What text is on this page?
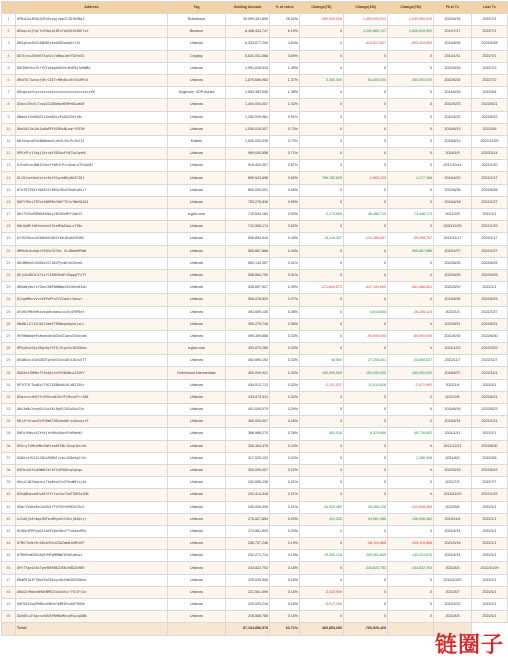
	Address	Tag	Holding Amount	% of coins	Change(7D)	Change(1M)	Change(7M)	First Tx	Last Tx
1	DPDuEAs3RGQ2HFvDzhgjxmpZCZDfbSBgZ	Robinhood	35,099,331,809	28.52%	-490,000,006	-1,550,000,013	-1,949,999,915	2022/6/16	2022/7/1
2	DEbqxvGjFgCthFBqLAtBEsTAQSKtb36ETsX	Binance	8,498,434,747	6.19%	0	1,209,884,127	1,629,519,992	2019/7/17	2022/7/1
3	DRSqEamJKSGZWHBTwkek8DSweqUcYJk	Unknow	6,333,677,204	4.63%	0	-413,817,637	-693,419,969	2019/6/24	2022/4/28
4	DDTkjnuZ5kRKT5qh2c7dNbpJmhY3AYeGG	Cryptoy	5,631,001,568	3.69%	0	0	0	2014/1/11	2022/7/1
5	DDCR8hShoThrYUTpSmge8k5SrWtR5gTpRWBe	Unknow	1,991,616,533	1.45%	0	0	0	2022/6/16	2022/7/2
6	DMuFDCTwozpj9KrCEETrNMxBxzKtVUiMPz4	Unknow	1,875,666,963	1.37%	5,000,000	60,000,000	260,000,000	2022/6/24	2022/7/2
7	DDngeyarhyxxxxxxxxxxxxxxxxxxxxxxxxxxYW	Dogecoin: XDP-buried	1,654,383,558	1.38%	0	0	0	2014/6/16	2022/6/4
8	DGmcv39nELTcsgZCUD8eWzHEHPe8GwdU8	Unknow	1,400,000,007	1.02%	0	0	0	2022/5/23	2022/6/21
9	DNmuh1YnNGQE21Qs8Q5LcPuKUZSh5j8n	Unknow	1,250,009,981	0.91%	0	0	0	2022/4/22	2022/6/22
10	D6eXAS7eLNsJwNqPEP4ZN9xNLaqrYFDZW	Unknow	1,050,010,007	0.73%	0	0	0	2015/6/13	2022/5/8
11	D8ithgcmFUk8bNmxwXjdhXL4SLPc3kS1S	Kraken	1,000,000,039	0.73%	0	0	0	2015/6/13	2022/12/20
12	DPEzPFs1YAgj2ArcbYXD5hxPiNTSoSgeHL	Unknow	989,000,856	0.71%	0	0	0	2018/1/9	2022/3/14
13	DJVsRsvnZW642Gmv7tWRJrPirAkqhzCEUGaDH	Unknow	915,400,007	0.67%	0	0	0	2017/10/14	2022/1/20
14	DLCDJvnh6aGstar8z1E2pzbNEy6b3C361	Unknow	895,543,898	0.65%	798,782,825	-2,960,123	4,177,488	2019/4/22	2022/1/17
15	DTnYRTS9AYrWZ8X1Y8RGz3KxG3hdhvDAjY	Unknow	800,000,001	0.58%	0	0	0	2022/6/26	2022/6/26
16	D8FV7RoiZTRVzS8NPBn3H67TU1nYNbHQS84	Unknow	753,276,836	0.55%	0	0	0	2015/6/18	2022/1/27
17	D6tTYGVwMZM6UHvWXy2BSUKeMtF2mbfX	crypto.com	719,634,184	0.53%	2,173,565	45,450,710	73,448,173	2021/2/9	2022/1/1
18	D6LKpBFJeBfmnGenC5ieMXpEApLsYTNz	Unknow	712,965,174	0.52%	0	0	0	2020/12/25	2022/1/29
19	DJfU29ueuGGkBb6Xn8VZrKmJ6uDd2R5NC	Unknow	596,853,515	0.44%	13,116,307	-131,389,657	-59,059,767	2021/11/17	2022/1/17
20	DMHhdLKnAqkzY6GHc5235z GL4BmdmMYW6	Unknow	565,667,886	0.44%	0	0	595,667,886	2022/1/27	2022/1/27
21	D6xMBQh6cGeBaVXCCUkZPyvWCxhZeeeA	Unknow	560,144,357	0.41%	0	0	0	2022/6/25	2022/6/25
22	DEju5uBD2n4TszYCEAMSHuNYJ9qqqFFXTY	Unknow	558,564,750	0.41%	0	0	0	2022/6/25	2022/6/25
23	DHQaNy6bJiYSmeCABFN8NNqi94tHGe83oU	Unknow	535,657,927	0.39%	-371,849,673	-447,153,690	-461,066,801	2022/5/10	2022/1/1
24	DJzgmMkuvVvhV4PdPfuYfZ2matL5dnwr	Unknow	508,078,829	0.37%	0	0	0	2019/6/30	2022/6/29
25	DYvRGYMnhHKkvbqdhvamaisxzUjE9PDet	Unknow	492,659,130	0.36%	0	4,614,846	-26,155,124	2022/1/3	2022/1/27
26	DBqNLLE21SLWI14emTYRDWugoApkbjsLL	Unknow	490,279,746	0.36%	0	0	0	2022/6/21	2022/6/21
27	9hYHNWaqe9tAmqsdeXbGkdZ1qnsSVokvmm	Unknow	490,369,656	0.33%	0	-90,000,005	-60,000,000	2022/4/15	2022/6/30
28	DPky8ukSdy1Bgn8yYGFEjVcgzGn38SUBam	crypto.com	453,879,285	0.33%	0	0	0	2021/12/2	2022/3/29
29	DEAWXox1GeGDEDTgn5eCSonuDt5JDzvdT7	Unknow	452,690,192	0.33%	48,560	27,253,401	23,665,527	2022/11/7	2022/11/7
30	DQA5h47NM6eTFZmkDjknPGVNZWcoZ42RY	Robinhood intermediate	450,000,921	0.33%	450,000,000	150,000,000	150,000,000	2016/6/27	2022/11/1
31	DPICF3LTkqBzLTHCIU5BKdHLHCxN2J5Uz	Unknow	434,912,713	0.32%	-2,121,037	11,010,628	-2,471,980	2022/1/4	2022/1/1
32	DGmzcnxtKQfTuYRhxnWJGxYFCBxxnPrr1B8	Unknow	434,673,911	0.32%	0	0	0	2022/2/6	2022/6/21
33	A8c3eNz2mrpDLFwvSKL8gH12GEw5kw7Xn	Unknow	401,000,070	0.29%	0	0	0	2015/6/18	2022/6/23
34	D8jzFsVzpnQVYH4WKC9DSemb6ryvQavqxr9	Unknow	380,000,007	0.28%	0	0	0	2015/6/14	2022/1/21
35	DHFufRWycA2YnVjknHHvdQacPYdPmedS	Unknow	366,986,270	0.28%	551,016	6,374,856	45,716,552	2021/1/11	2022/1/1
36	D9GruTvMkvMBn2WRreaKFENrJGngLBxcUh	Unknow	326,363,478	0.24%	0	0	0	2021/12/21	2022/6/30
37	DGWXv4fU2Z2JADcRDNhTzCmxJX8aGgVrhh	Unknow	317,025,124	0.23%	0	0	1,256,398	2021/6/3	2022/3/6
38	DGFbcUAfcuKWWhVkfkFVuERQKvqXqkgo	Unknow	300,000,007	0.22%	0	0	0	2022/5/15	2022/5/19
39	DHyyCZW7AmocwrTkg8ea1YuVTbyWHYiyZo	Unknow	292,695,236	0.21%	0	0	0	2022/7/2	2022/7/7
40	DGhgNkqsdeHvAE3fYrCacSoY2mZTOR5o2HN	Unknow	292,414,318	0.21%	0	0	0	2015/11/29	2022/1/29
41	D8mr3YwRa5oC4d3ULFFVFUVfb9HXXC9n5	Unknow	290,000,339	0.21%	26,923,469	45,284,128	-120,608,369	2022/6/5	2022/1/1
42	AJ2dQjhdYAqp3NTbuBRyaViCGkzjB4Qcyr	Unknow	278,827,894	0.20%	431,320	94,581,986	138,996,082	2019/11/8	2022/1/1
43	DLH6o3PRPygQYSAKFw8oVDe47TzkdzuRKe	Unknow	274,851,903	0.20%	0	0	0	2022/4/14	2022/1/1
44	D7MG7VnNr9n2BekHSh4Z5bZm6WJkMEVEP	Unknow	256,757,246	0.19%	0	-98,119,868	-125,119,868	2021/5/16	2022/1/1
45	D7RHZhmRSKUAgFVHFqMMNWCHVaEyWuwi	Unknow	252,271,714	0.19%	19,280,218	209,461,849	243,224,676	2022/4/14	2022/1/1
46	D9YTTga445bTymHEB9N8Z2KBJhBDZk9BH	Unknow	244,822,753	0.18%	0	244,822,753	244,822,753	2022/6/3	2022/10/29
47	DBmPD1o3F7NoV9pTBAxyuUsEmKG65GG6eb	Unknow	225,030,506	0.16%	0	0	0	2015/10/22	2022/1/1
48	DBAGXrMddcNHDeBMRZ3dGn5hCrTYS1Ft2n	Unknow	221,561,599	0.16%	-3,430,909	0	0	2021/5/7	2022/1/1
49	DQFUG5JupPMADn4HBne7mMEDYoddF5KHW	Unknow	220,003,216	0.16%	-5,017,290	0	0	2022/4/22	2022/1/1
50	DAe8EuiFAgcnuhDUSFWHNoMkcgRVpcgDNB	Unknow	218,568,785	0.16%	0	0	0	2022/4/5	2022/1/1
	Total		87,134,896,578	63.71%	483,854,080	-760,920,425			
链圈子
